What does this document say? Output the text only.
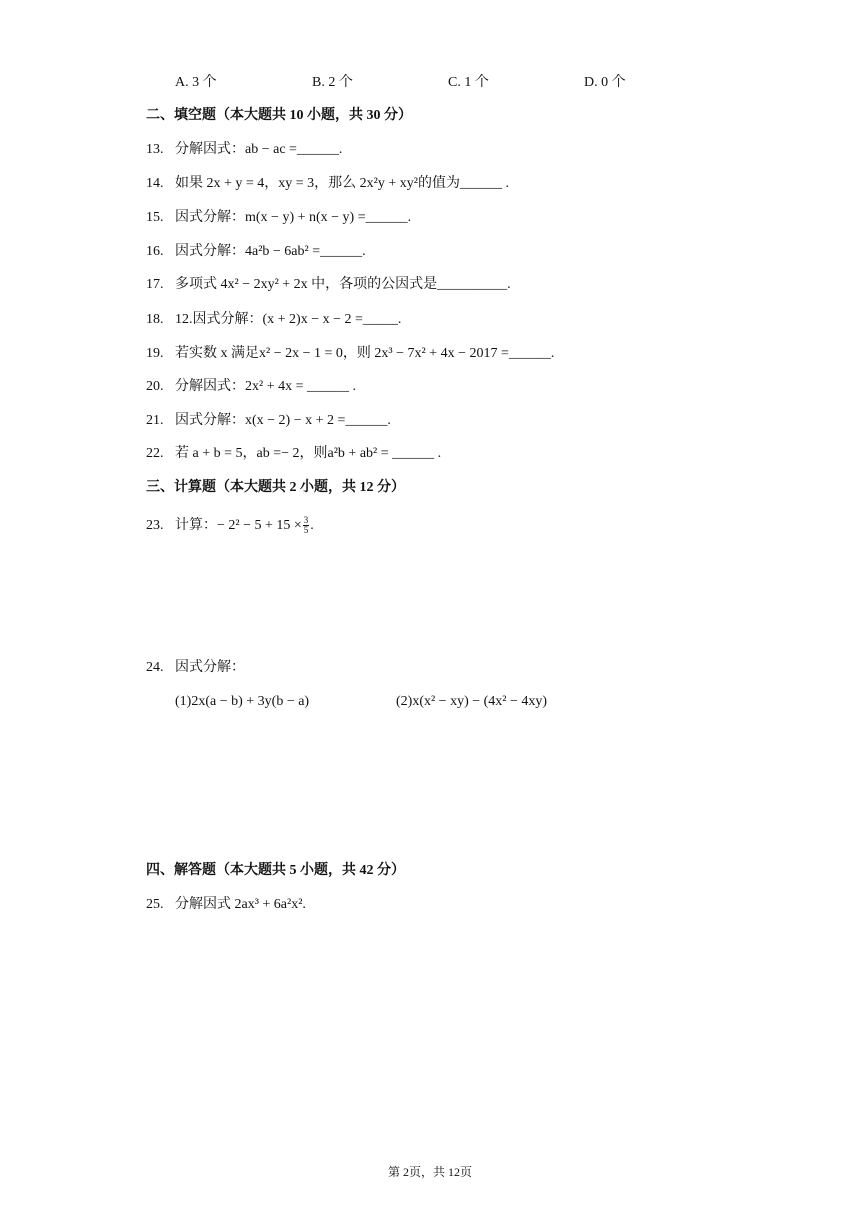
A. 3 个	B. 2 个	C. 1 个	D. 0 个
二、填空题（本大题共 10 小题，共 30 分）
13. 分解因式：ab − ac =______.
14. 如果 2x + y = 4，xy = 3，那么 2x²y + xy²的值为______ .
15. 因式分解：m(x − y) + n(x − y) =______.
16. 因式分解：4a²b − 6ab² =______.
17. 多项式 4x² − 2xy² + 2x 中，各项的公因式是__________.
18. 12.因式分解：(x + 2)x − x − 2 =_____.
19. 若实数 x 满足x² − 2x − 1 = 0，则 2x³ − 7x² + 4x − 2017 =______.
20. 分解因式：2x² + 4x = ______ .
21. 因式分解：x(x − 2) − x + 2 =______.
22. 若 a + b = 5，ab =− 2，则a²b + ab² = ______ .
三、计算题（本大题共 2 小题，共 12 分）
23. 计算：− $2^2 - 5 + 15 \times \frac{3}{5}$ .
24. 因式分解：
(1)2x(a − b) + 3y(b − a)	(2)x(x² − xy) − (4x² − 4xy)
四、解答题（本大题共 5 小题，共 42 分）
25. 分解因式 2ax³ + 6a²x².
第 2页，共 12页
